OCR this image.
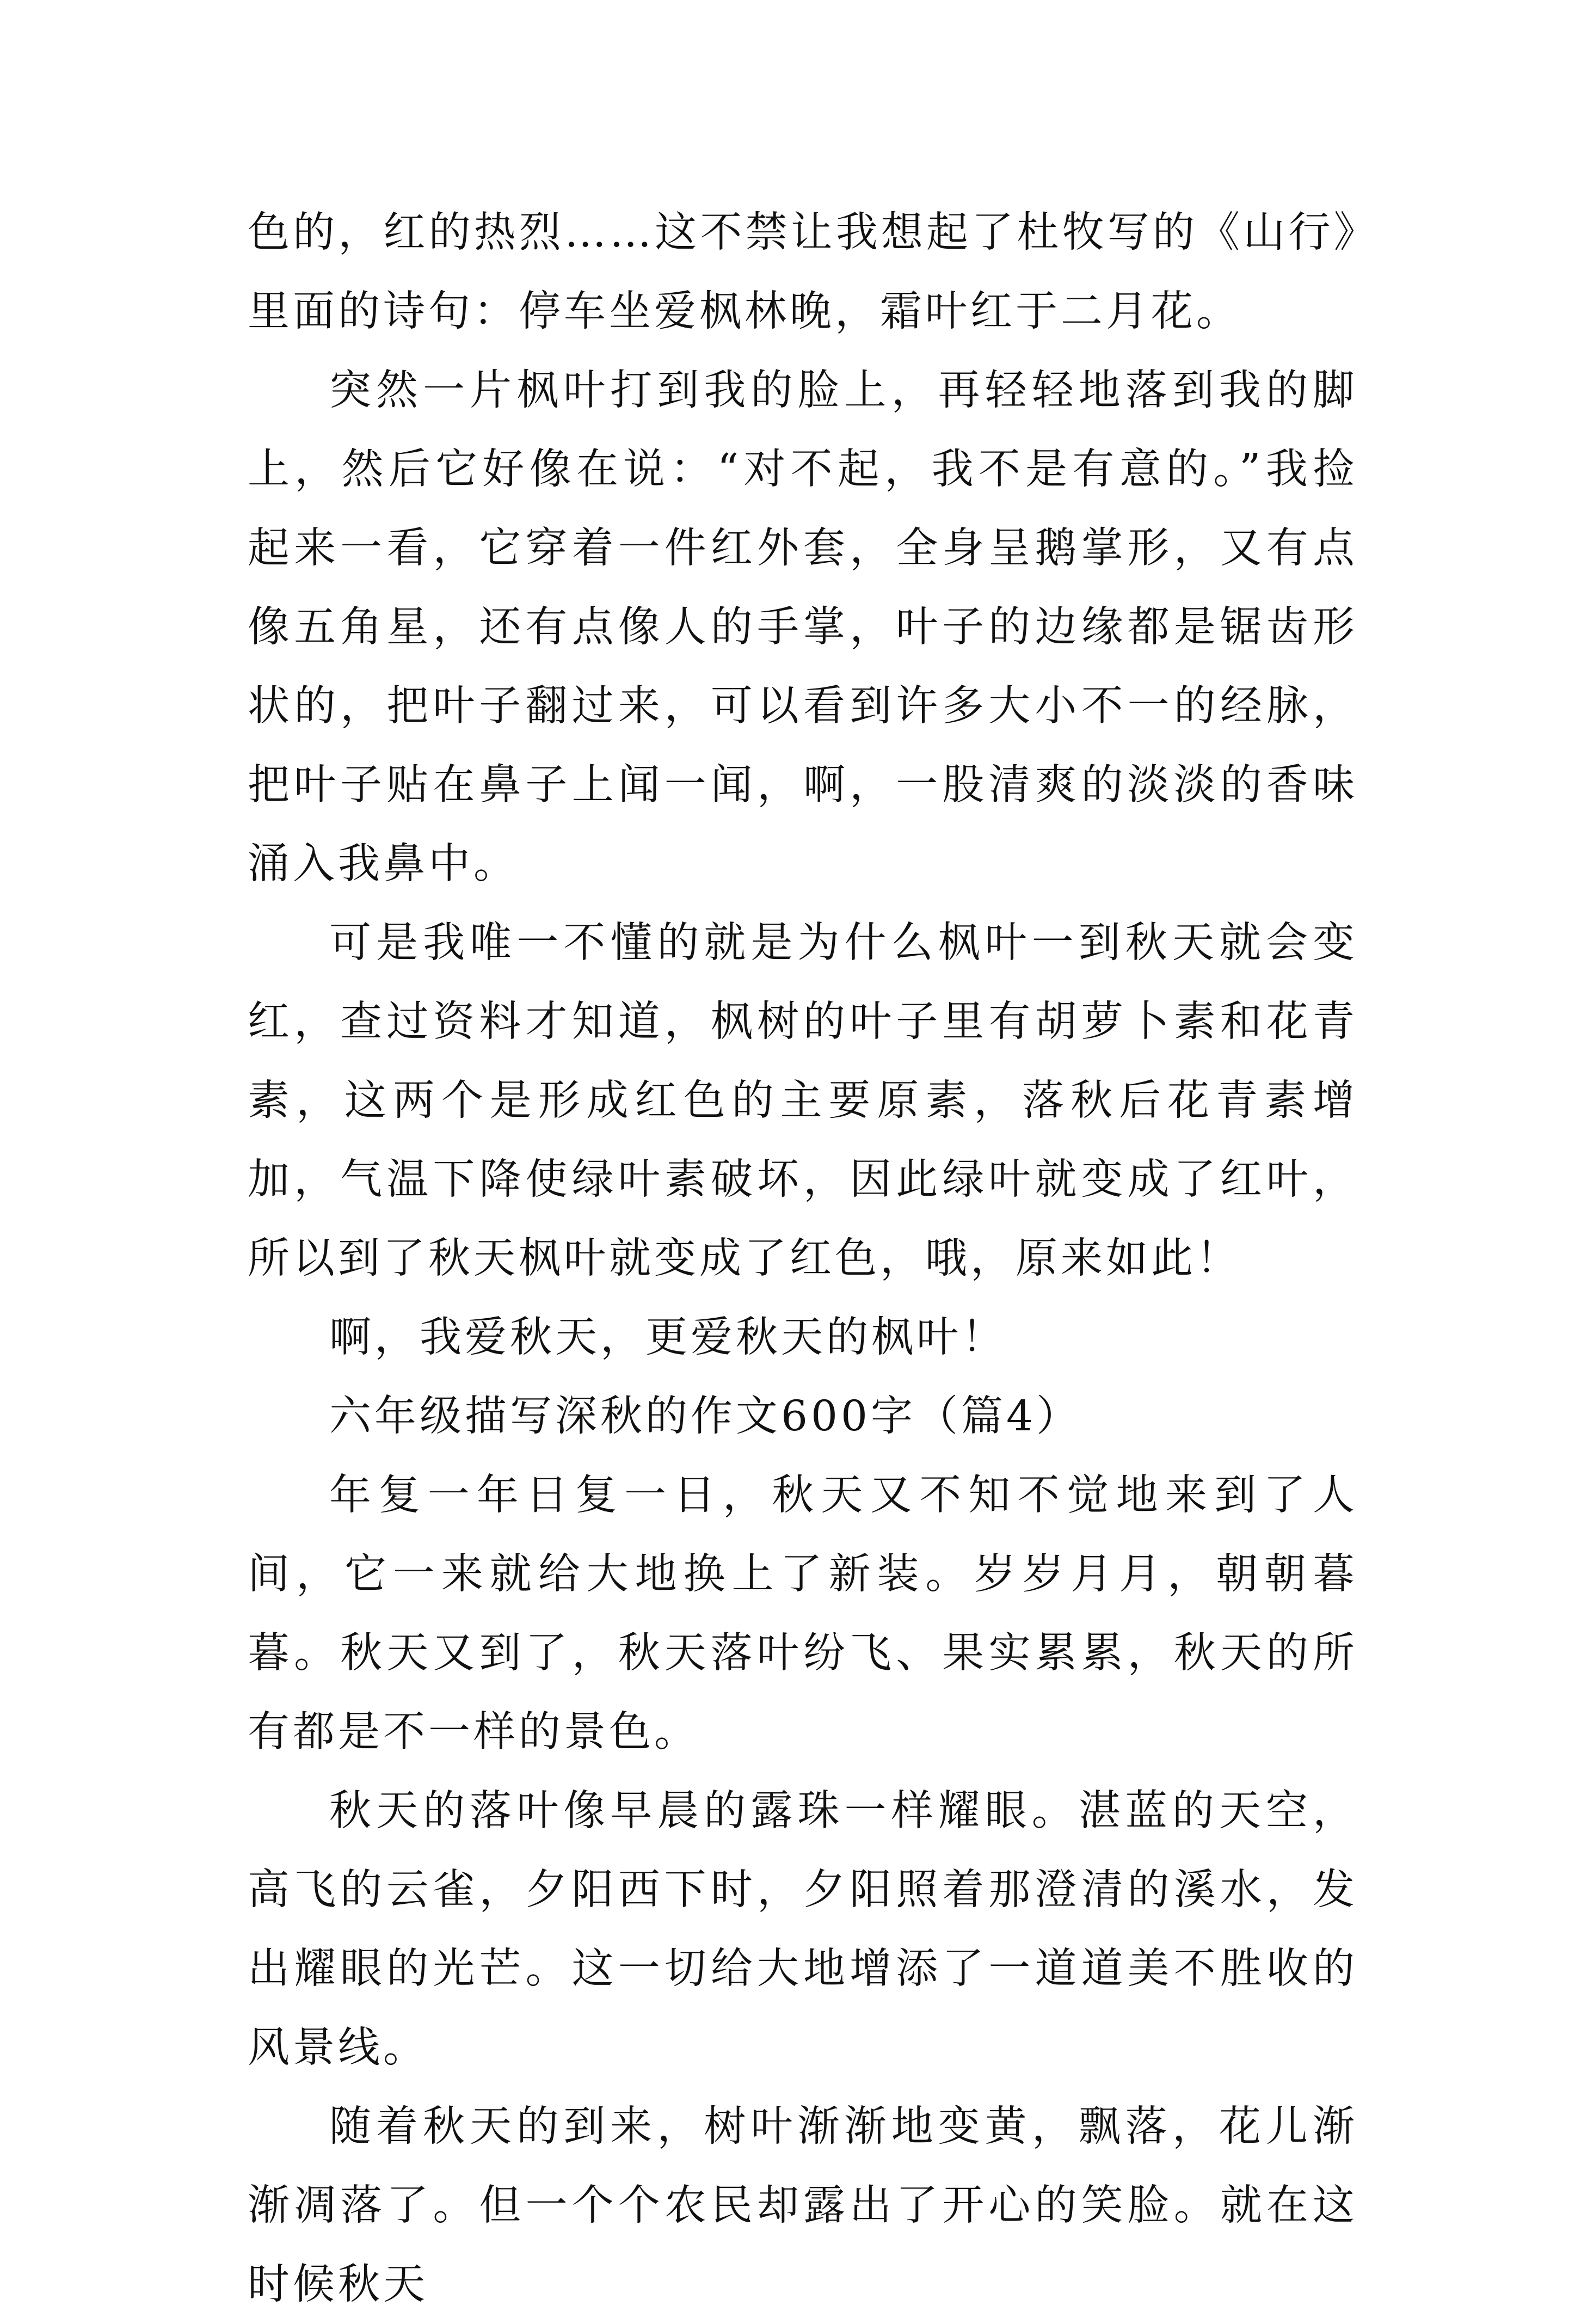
色的，红的热烈……这不禁让我想起了杜牧写的《山行》里面的诗句：停车坐爱枫林晚，霜叶红于二月花。

突然一片枫叶打到我的脸上，再轻轻地落到我的脚上，然后它好像在说：“对不起，我不是有意的。”我捡起来一看，它穿着一件红外套，全身呈鹅掌形，又有点像五角星，还有点像人的手掌，叶子的边缘都是锯齿形状的，把叶子翻过来，可以看到许多大小不一的经脉，把叶子贴在鼻子上闻一闻，啊，一股清爽的淡淡的香味涌入我鼻中。

可是我唯一不懂的就是为什么枫叶一到秋天就会变红，查过资料才知道，枫树的叶子里有胡萝卜素和花青素，这两个是形成红色的主要原素，落秋后花青素增加，气温下降使绿叶素破坏，因此绿叶就变成了红叶，所以到了秋天枫叶就变成了红色，哦，原来如此！

啊，我爱秋天，更爱秋天的枫叶！

六年级描写深秋的作文600字（篇4）

年复一年日复一日，秋天又不知不觉地来到了人间，它一来就给大地换上了新装。岁岁月月，朝朝暮暮。秋天又到了，秋天落叶纷飞、果实累累，秋天的所有都是不一样的景色。

秋天的落叶像早晨的露珠一样耀眼。湛蓝的天空，高飞的云雀，夕阳西下时，夕阳照着那澄清的溪水，发出耀眼的光芒。这一切给大地增添了一道道美不胜收的风景线。

随着秋天的到来，树叶渐渐地变黄，飘落，花儿渐渐凋落了。但一个个农民却露出了开心的笑脸。就在这时候秋天
